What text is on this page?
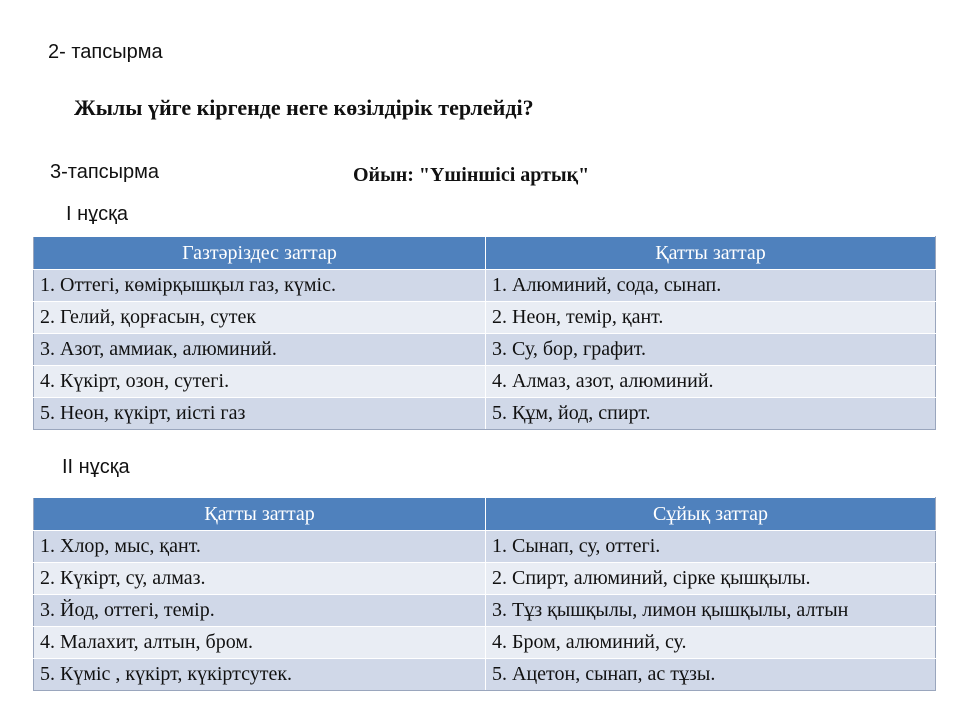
2- тапсырма
Жылы үйге кіргенде неге көзілдірік терлейді?
3-тапсырма	Ойын: "Үшіншісі артық"
І нұсқа
Газтәріздес заттар	Қатты заттар
1. Оттегі, көмірқышқыл газ, күміс.	1. Алюминий, сода, сынап.
2. Гелий, қорғасын, сутек	2. Неон, темір, қант.
3. Азот, аммиак, алюминий.	3. Су, бор, графит.
4. Күкірт, озон, сутегі.	4. Алмаз, азот, алюминий.
5. Неон, күкірт, иісті газ	5. Құм, йод, спирт.
ІІ нұсқа
Қатты заттар	Сұйық заттар
1. Хлор, мыс, қант.	1. Сынап, су, оттегі.
2. Күкірт, су, алмаз.	2. Спирт, алюминий, сірке қышқылы.
3. Йод, оттегі, темір.	3. Тұз қышқылы, лимон қышқылы, алтын
4. Малахит, алтын, бром.	4. Бром, алюминий, су.
5. Күміс , күкірт, күкіртсутек.	5. Ацетон, сынап, ас тұзы.
